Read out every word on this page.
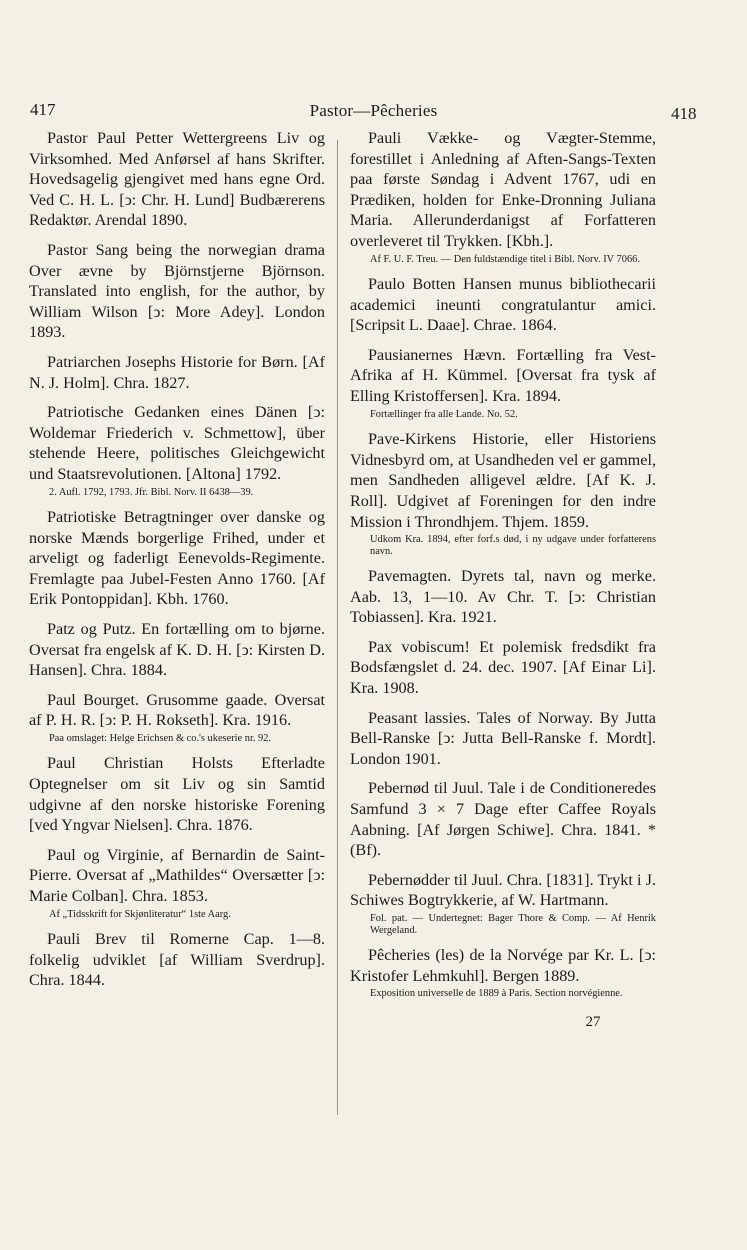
417	Pastor—Pêcheries	418
Pastor Paul Petter Wettergreens Liv og Virksomhed. Med Anførsel af hans Skrifter. Hovedsagelig gjengivet med hans egne Ord. Ved C. H. L. [ↄ: Chr. H. Lund] Budbærerens Redaktør. Arendal 1890.
Pastor Sang being the norwegian drama Over ævne by Björnstjerne Björnson. Translated into english, for the author, by William Wilson [ↄ: More Adey]. London 1893.
Patriarchen Josephs Historie for Børn. [Af N. J. Holm]. Chra. 1827.
Patriotische Gedanken eines Dänen [ↄ: Woldemar Friederich v. Schmettow], über stehende Heere, politisches Gleichgewicht und Staatsrevolutionen. [Altona] 1792.
2. Aufl. 1792, 1793. Jfr. Bibl. Norv. II 6438—39.
Patriotiske Betragtninger over danske og norske Mænds borgerlige Frihed, under et arveligt og faderligt Eenevolds-Regimente. Fremlagte paa Jubel-Festen Anno 1760. [Af Erik Pontoppidan]. Kbh. 1760.
Patz og Putz. En fortælling om to bjørne. Oversat fra engelsk af K. D. H. [ↄ: Kirsten D. Hansen]. Chra. 1884.
Paul Bourget. Grusomme gaade. Oversat af P. H. R. [ↄ: P. H. Rokseth]. Kra. 1916.
Paa omslaget: Helge Erichsen & co.'s ukeserie nr. 92.
Paul Christian Holsts Efterladte Optegnelser om sit Liv og sin Samtid udgivne af den norske historiske Forening [ved Yngvar Nielsen]. Chra. 1876.
Paul og Virginie, af Bernardin de Saint-Pierre. Oversat af „Mathildes“ Oversætter [ↄ: Marie Colban]. Chra. 1853.
Af „Tidsskrift for Skjønliteratur“ 1ste Aarg.
Pauli Brev til Romerne Cap. 1—8. folkelig udviklet [af William Sverdrup]. Chra. 1844.
Pauli Vække- og Vægter-Stemme, forestillet i Anledning af Aften-Sangs-Texten paa første Søndag i Advent 1767, udi en Prædiken, holden for Enke-Dronning Juliana Maria. Allerunderdanigst af Forfatteren overleveret til Trykken. [Kbh.].
Af F. U. F. Treu. — Den fuldstændige titel i Bibl. Norv. IV 7066.
Paulo Botten Hansen munus bibliothecarii academici ineunti congratulantur amici. [Scripsit L. Daae]. Chrae. 1864.
Pausianernes Hævn. Fortælling fra Vest-Afrika af H. Kümmel. [Oversat fra tysk af Elling Kristoffersen]. Kra. 1894.
Fortællinger fra alle Lande. No. 52.
Pave-Kirkens Historie, eller Historiens Vidnesbyrd om, at Usandheden vel er gammel, men Sandheden alligevel ældre. [Af K. J. Roll]. Udgivet af Foreningen for den indre Mission i Throndhjem. Thjem. 1859.
Udkom Kra. 1894, efter forf.s død, i ny udgave under forfatterens navn.
Pavemagten. Dyrets tal, navn og merke. Aab. 13, 1—10. Av Chr. T. [ↄ: Christian Tobiassen]. Kra. 1921.
Pax vobiscum! Et polemisk fredsdikt fra Bodsfængslet d. 24. dec. 1907. [Af Einar Li]. Kra. 1908.
Peasant lassies. Tales of Norway. By Jutta Bell-Ranske [ↄ: Jutta Bell-Ranske f. Mordt]. London 1901.
Pebernød til Juul. Tale i de Conditioneredes Samfund 3 × 7 Dage efter Caffee Royals Aabning. [Af Jørgen Schiwe]. Chra. 1841. * (Bf).
Pebernødder til Juul. Chra. [1831]. Trykt i J. Schiwes Bogtrykkerie, af W. Hartmann.
Fol. pat. — Undertegnet: Bager Thore & Comp. — Af Henrik Wergeland.
Pêcheries (les) de la Norvége par Kr. L. [ↄ: Kristofer Lehmkuhl]. Bergen 1889.
Exposition universelle de 1889 à Paris. Section norvégienne.
27
